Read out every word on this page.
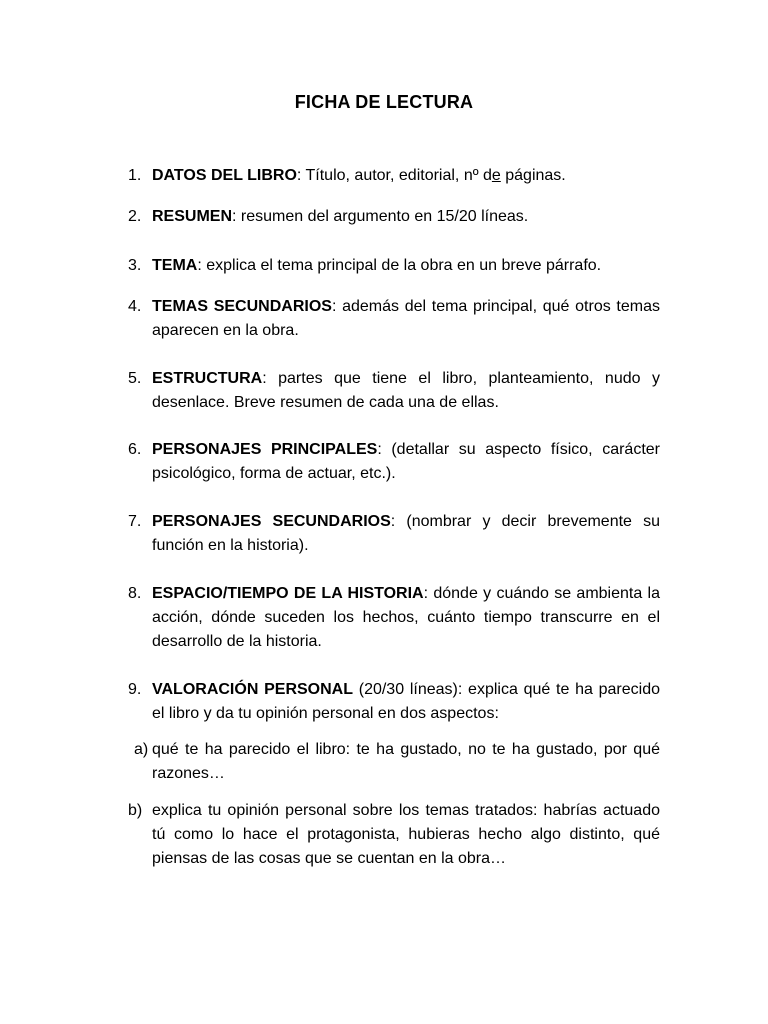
FICHA DE LECTURA
1. DATOS DEL LIBRO: Título, autor, editorial, nº de páginas.
2. RESUMEN: resumen del argumento en 15/20 líneas.
3. TEMA: explica el tema principal de la obra en un breve párrafo.
4. TEMAS SECUNDARIOS: además del tema principal, qué otros temas aparecen en la obra.
5. ESTRUCTURA: partes que tiene el libro, planteamiento, nudo y desenlace. Breve resumen de cada una de ellas.
6. PERSONAJES PRINCIPALES: (detallar su aspecto físico, carácter psicológico, forma de actuar, etc.).
7. PERSONAJES SECUNDARIOS: (nombrar y decir brevemente su función en la historia).
8. ESPACIO/TIEMPO DE LA HISTORIA: dónde y cuándo se ambienta la acción, dónde suceden los hechos, cuánto tiempo transcurre en el desarrollo de la historia.
9. VALORACIÓN PERSONAL (20/30 líneas): explica qué te ha parecido el libro y da tu opinión personal en dos aspectos:
a) qué te ha parecido el libro: te ha gustado, no te ha gustado, por qué razones…
b) explica tu opinión personal sobre los temas tratados: habrías actuado tú como lo hace el protagonista, hubieras hecho algo distinto, qué piensas de las cosas que se cuentan en la obra…
